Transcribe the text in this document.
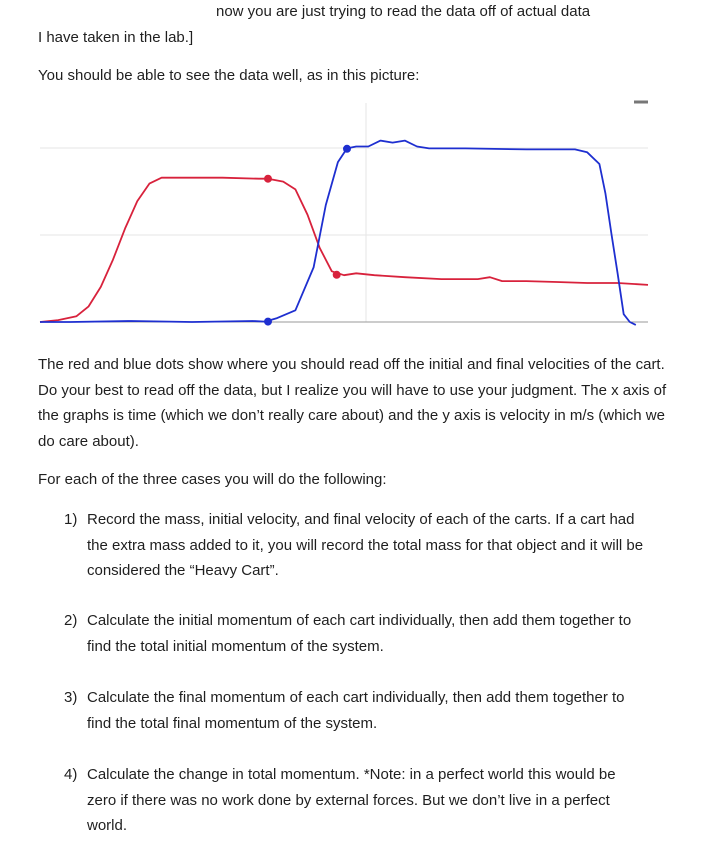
now you are just trying to read the data off of actual data
I have taken in the lab.]
You should be able to see the data well, as in this picture:

The red and blue dots show where you should read off the initial and final velocities of the cart. Do your best to read off the data, but I realize you will have to use your judgment. The x axis of the graphs is time (which we don’t really care about) and the y axis is velocity in m/s (which we do care about).

For each of the three cases you will do the following:
1) Record the mass, initial velocity, and final velocity of each of the carts. If a cart had the extra mass added to it, you will record the total mass for that object and it will be considered the “Heavy Cart”.
2) Calculate the initial momentum of each cart individually, then add them together to find the total initial momentum of the system.
3) Calculate the final momentum of each cart individually, then add them together to find the total final momentum of the system.
4) Calculate the change in total momentum. *Note: in a perfect world this would be zero if there was no work done by external forces. But we don’t live in a perfect world.
